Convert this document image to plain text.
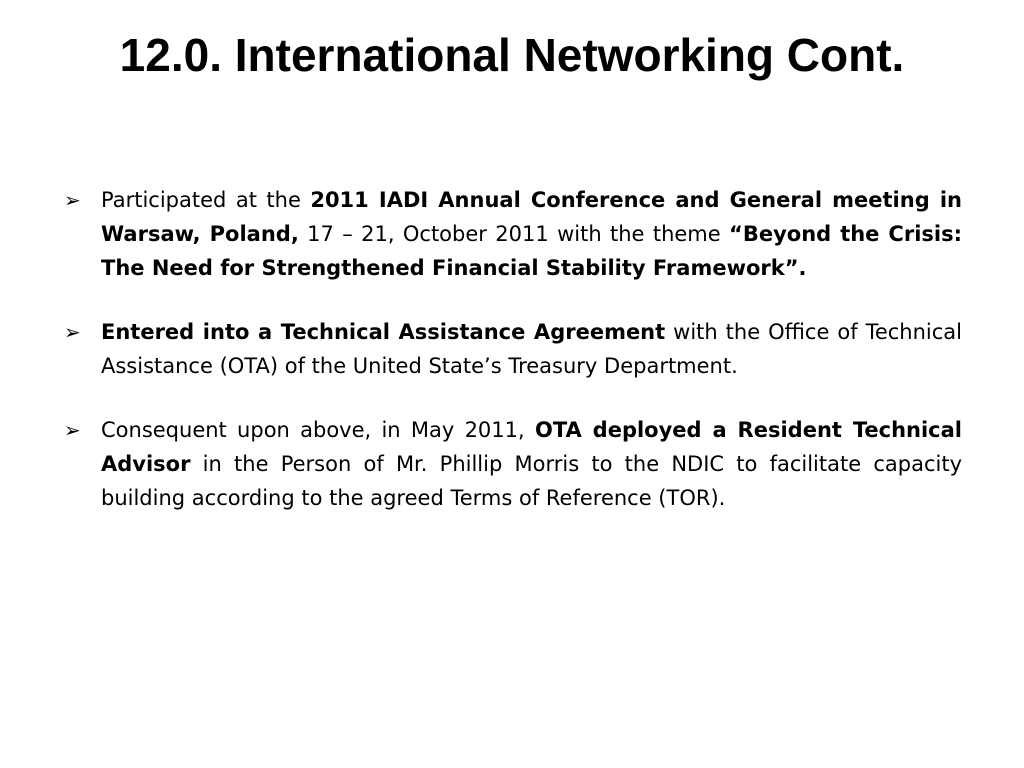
12.0. International Networking Cont.
➢ Participated at the 2011 IADI Annual Conference and General meeting in Warsaw, Poland, 17 – 21, October 2011 with the theme “Beyond the Crisis: The Need for Strengthened Financial Stability Framework”.
➢ Entered into a Technical Assistance Agreement with the Office of Technical Assistance (OTA) of the United State’s Treasury Department.
➢ Consequent upon above, in May 2011, OTA deployed a Resident Technical Advisor in the Person of Mr. Phillip Morris to the NDIC to facilitate capacity building according to the agreed Terms of Reference (TOR).
